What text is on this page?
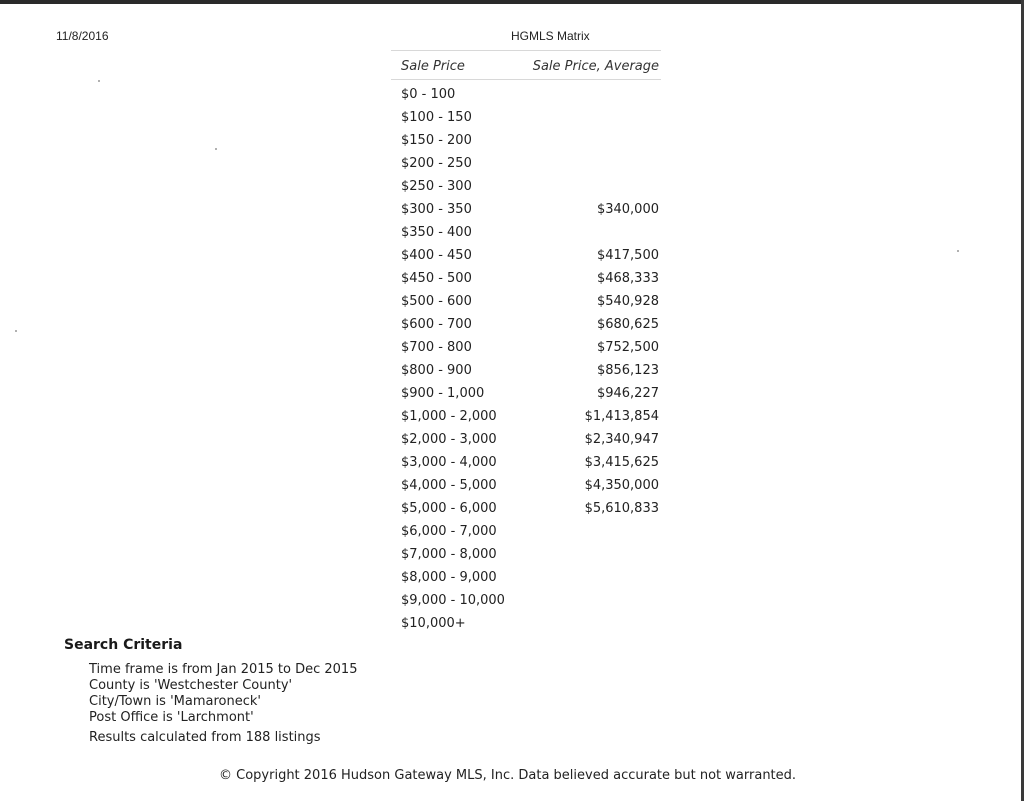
11/8/2016	HGMLS Matrix
Sale Price	Sale Price, Average
$0 - 100
$100 - 150
$150 - 200
$200 - 250
$250 - 300
$300 - 350	$340,000
$350 - 400
$400 - 450	$417,500
$450 - 500	$468,333
$500 - 600	$540,928
$600 - 700	$680,625
$700 - 800	$752,500
$800 - 900	$856,123
$900 - 1,000	$946,227
$1,000 - 2,000	$1,413,854
$2,000 - 3,000	$2,340,947
$3,000 - 4,000	$3,415,625
$4,000 - 5,000	$4,350,000
$5,000 - 6,000	$5,610,833
$6,000 - 7,000
$7,000 - 8,000
$8,000 - 9,000
$9,000 - 10,000
$10,000+
Search Criteria
Time frame is from Jan 2015 to Dec 2015
County is 'Westchester County'
City/Town is 'Mamaroneck'
Post Office is 'Larchmont'
Results calculated from 188 listings
© Copyright 2016 Hudson Gateway MLS, Inc. Data believed accurate but not warranted.
